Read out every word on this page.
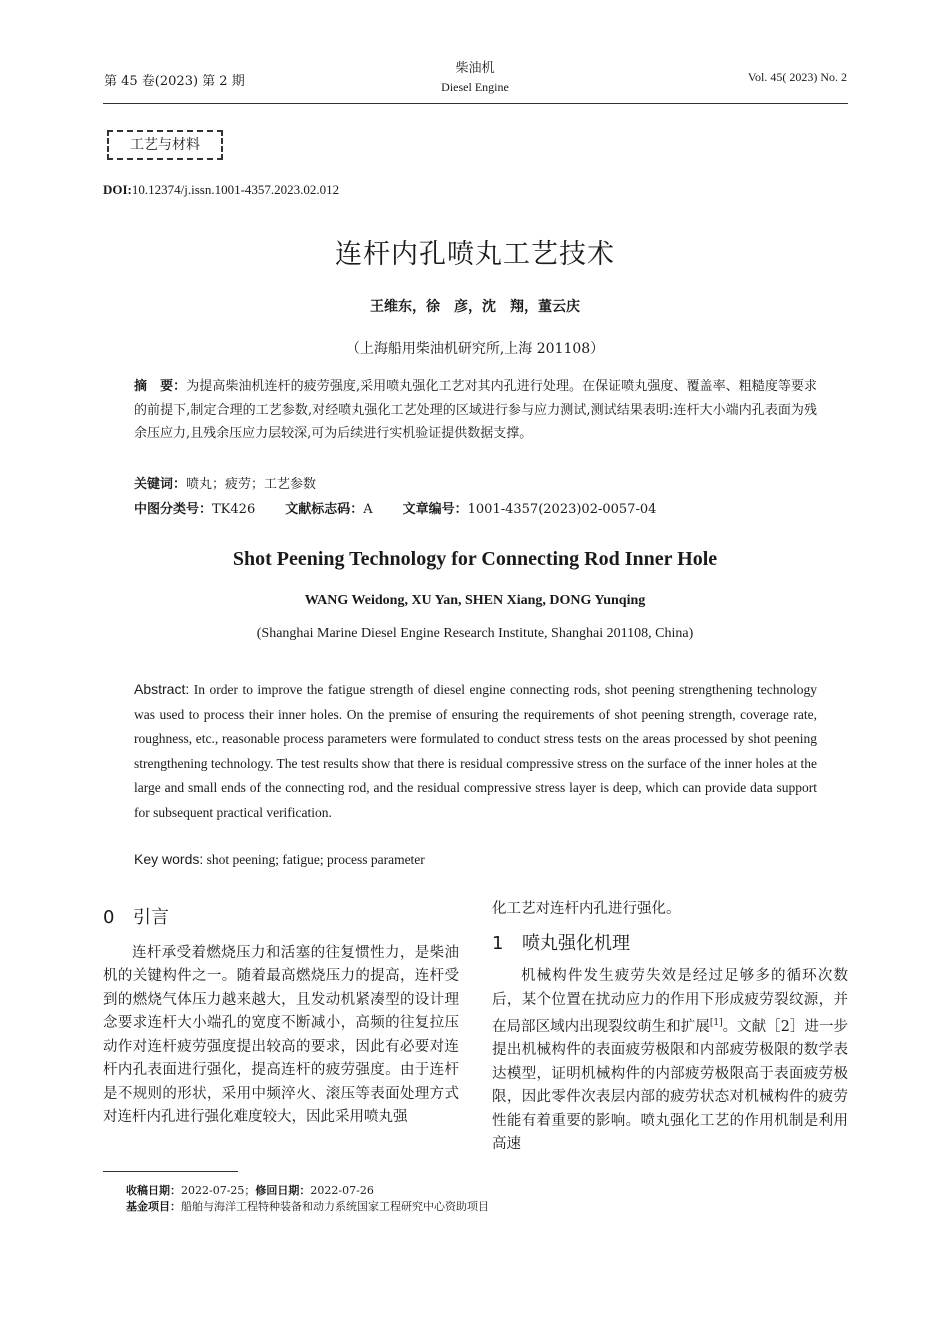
第 45 卷(2023) 第 2 期
柴油机
Diesel Engine
Vol. 45( 2023) No. 2
工艺与材料
DOI:10.12374/j.issn.1001-4357.2023.02.012
连杆内孔喷丸工艺技术
王维东，徐　彦，沈　翔，董云庆
（上海船用柴油机研究所,上海 201108）
摘　要：为提高柴油机连杆的疲劳强度,采用喷丸强化工艺对其内孔进行处理。在保证喷丸强度、覆盖率、粗糙度等要求的前提下,制定合理的工艺参数,对经喷丸强化工艺处理的区域进行参与应力测试,测试结果表明:连杆大小端内孔表面为残余压应力,且残余压应力层较深,可为后续进行实机验证提供数据支撑。
关键词：喷丸；疲劳；工艺参数
中图分类号：TK426 文献标志码：A 文章编号：1001-4357(2023)02-0057-04
Shot Peening Technology for Connecting Rod Inner Hole
WANG Weidong, XU Yan, SHEN Xiang, DONG Yunqing
(Shanghai Marine Diesel Engine Research Institute, Shanghai 201108, China)
Abstract: In order to improve the fatigue strength of diesel engine connecting rods, shot peening strengthening technology was used to process their inner holes. On the premise of ensuring the requirements of shot peening strength, coverage rate, roughness, etc., reasonable process parameters were formulated to conduct stress tests on the areas processed by shot peening strengthening technology. The test results show that there is residual compressive stress on the surface of the inner holes at the large and small ends of the connecting rod, and the residual compressive stress layer is deep, which can provide data support for subsequent practical verification.
Key words: shot peening; fatigue; process parameter
0 引言

连杆承受着燃烧压力和活塞的往复惯性力，是柴油机的关键构件之一。随着最高燃烧压力的提高，连杆受到的燃烧气体压力越来越大，且发动机紧凑型的设计理念要求连杆大小端孔的宽度不断减小，高频的往复拉压动作对连杆疲劳强度提出较高的要求，因此有必要对连杆内孔表面进行强化，提高连杆的疲劳强度。由于连杆是不规则的形状，采用中频淬火、滚压等表面处理方式对连杆内孔进行强化难度较大，因此采用喷丸强

化工艺对连杆内孔进行强化。

1 喷丸强化机理

机械构件发生疲劳失效是经过足够多的循环次数后，某个位置在扰动应力的作用下形成疲劳裂纹源，并在局部区域内出现裂纹萌生和扩展[1]。文献［2］进一步提出机械构件的表面疲劳极限和内部疲劳极限的数学表达模型，证明机械构件的内部疲劳极限高于表面疲劳极限，因此零件次表层内部的疲劳状态对机械构件的疲劳性能有着重要的影响。喷丸强化工艺的作用机制是利用高速

收稿日期：2022-07-25；修回日期：2022-07-26
基金项目：船舶与海洋工程特种装备和动力系统国家工程研究中心资助项目
